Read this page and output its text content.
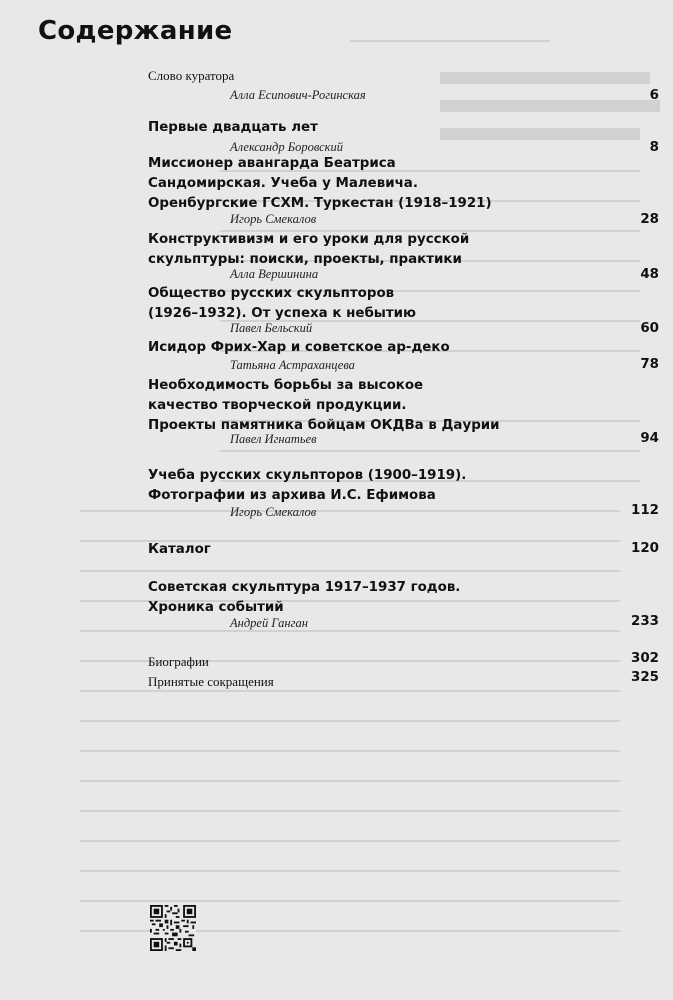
Содержание
Слово куратора
Алла Есипович-Рогинская	6
Первые двадцать лет
Александр Боровский	8
Миссионер авангарда Беатриса
Сандомирская. Учеба у Малевича.
Оренбургские ГСХМ. Туркестан (1918–1921)
Игорь Смекалов	28
Конструктивизм и его уроки для русской
скульптуры: поиски, проекты, практики
Алла Вершинина	48
Общество русских скульпторов
(1926–1932). От успеха к небытию
Павел Бельский	60
Исидор Фрих-Хар и советское ар-деко
Татьяна Астраханцева	78
Необходимость борьбы за высокое
качество творческой продукции.
Проекты памятника бойцам ОКДВа в Даурии
Павел Игнатьев	94
Учеба русских скульпторов (1900–1919).
Фотографии из архива И.С. Ефимова
Игорь Смекалов	112
Каталог	120
Советская скульптура 1917–1937 годов.
Хроника событий
Андрей Ганган	233
Биографии	302
Принятые сокращения	325
